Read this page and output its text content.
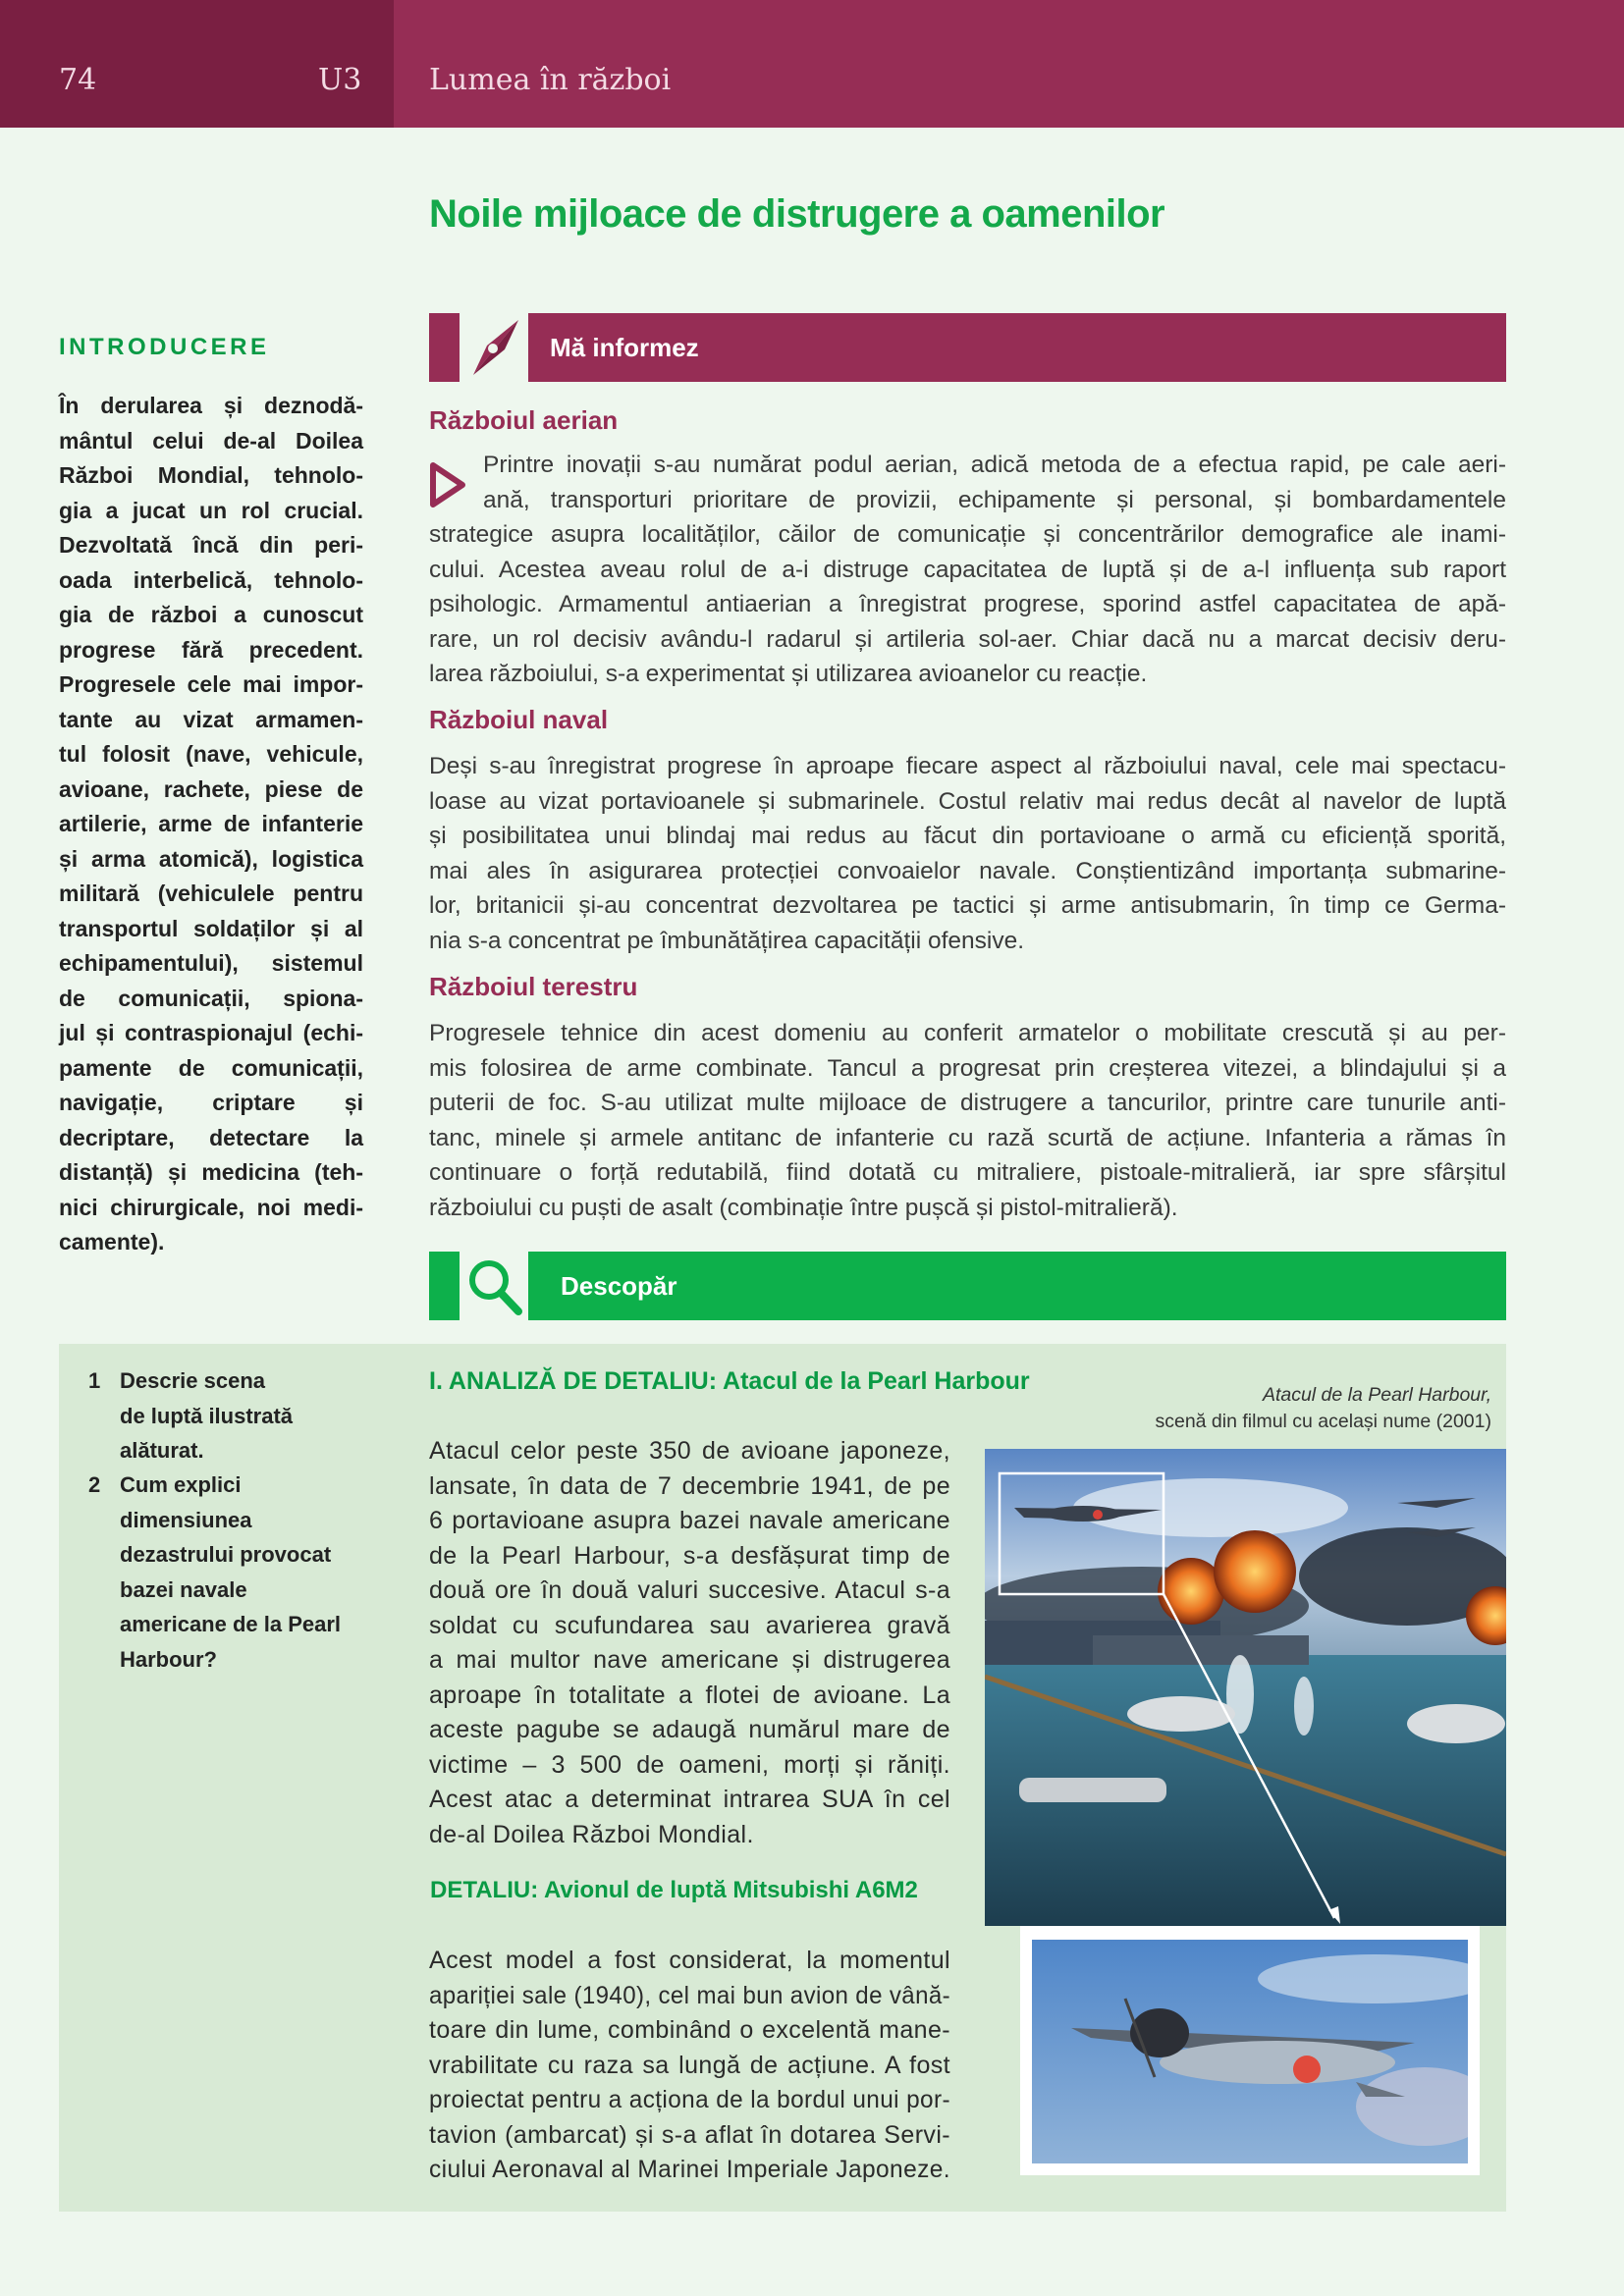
74	U3 Lumea în război
Noile mijloace de distrugere a oamenilor
INTRODUCERE
În derularea și deznodă-
mântul celui de-al Doilea
Război Mondial, tehnolo-
gia a jucat un rol crucial.
Dezvoltată încă din peri-
oada interbelică, tehnolo-
gia de război a cunoscut
progrese fără precedent.
Progresele cele mai impor-
tante au vizat armamen-
tul folosit (nave, vehicule,
avioane, rachete, piese de
artilerie, arme de infanterie
și arma atomică), logistica
militară (vehiculele pentru
transportul soldaților și al
echipamentului), sistemul
de comunicații, spiona-
jul și contraspionajul (echi-
pamente de comunicații,
navigație, criptare și
decriptare, detectare la
distanță) și medicina (teh-
nici chirurgicale, noi medi-
camente).
Mă informez
Războiul aerian
Printre inovații s-au numărat podul aerian, adică metoda de a efectua rapid, pe cale aeri-
ană, transporturi prioritare de provizii, echipamente și personal, și bombardamentele
strategice asupra localităților, căilor de comunicație și concentrărilor demografice ale inami-
cului. Acestea aveau rolul de a-i distruge capacitatea de luptă și de a-l influența sub raport
psihologic. Armamentul antiaerian a înregistrat progrese, sporind astfel capacitatea de apă-
rare, un rol decisiv avându-l radarul și artileria sol-aer. Chiar dacă nu a marcat decisiv deru-
larea războiului, s-a experimentat și utilizarea avioanelor cu reacție.
Războiul naval
Deși s-au înregistrat progrese în aproape fiecare aspect al războiului naval, cele mai spectacu-
loase au vizat portavioanele și submarinele. Costul relativ mai redus decât al navelor de luptă
și posibilitatea unui blindaj mai redus au făcut din portavioane o armă cu eficiență sporită,
mai ales în asigurarea protecției convoaielor navale. Conștientizând importanța submarine-
lor, britanicii și-au concentrat dezvoltarea pe tactici și arme antisubmarin, în timp ce Germa-
nia s-a concentrat pe îmbunătățirea capacității ofensive.
Războiul terestru
Progresele tehnice din acest domeniu au conferit armatelor o mobilitate crescută și au per-
mis folosirea de arme combinate. Tancul a progresat prin creșterea vitezei, a blindajului și a
puterii de foc. S-au utilizat multe mijloace de distrugere a tancurilor, printre care tunurile anti-
tanc, minele și armele antitanc de infanterie cu rază scurtă de acțiune. Infanteria a rămas în
continuare o forță redutabilă, fiind dotată cu mitraliere, pistoale-mitralieră, iar spre sfârșitul
războiului cu puști de asalt (combinație între pușcă și pistol-mitralieră).
Descopăr
1 Descrie scena
de luptă ilustrată
alăturat.
2 Cum explici
dimensiunea
dezastrului provocat
bazei navale
americane de la Pearl
Harbour?
I. ANALIZĂ DE DETALIU: Atacul de la Pearl Harbour	Atacul de la Pearl Harbour,
scenă din filmul cu același nume (2001)
Atacul celor peste 350 de avioane japoneze,
lansate, în data de 7 decembrie 1941, de pe
6 portavioane asupra bazei navale americane
de la Pearl Harbour, s-a desfășurat timp de
două ore în două valuri succesive. Atacul s-a
soldat cu scufundarea sau avarierea gravă
a mai multor nave americane și distrugerea
aproape în totalitate a flotei de avioane. La
aceste pagube se adaugă numărul mare de
victime – 3 500 de oameni, morți și răniți.
Acest atac a determinat intrarea SUA în cel
de-al Doilea Război Mondial.
DETALIU: Avionul de luptă Mitsubishi A6M2
Acest model a fost considerat, la momentul
apariției sale (1940), cel mai bun avion de vână-
toare din lume, combinând o excelentă mane-
vrabilitate cu raza sa lungă de acțiune. A fost
proiectat pentru a acționa de la bordul unui por-
tavion (ambarcat) și s-a aflat în dotarea Servi-
ciului Aeronaval al Marinei Imperiale Japoneze.
